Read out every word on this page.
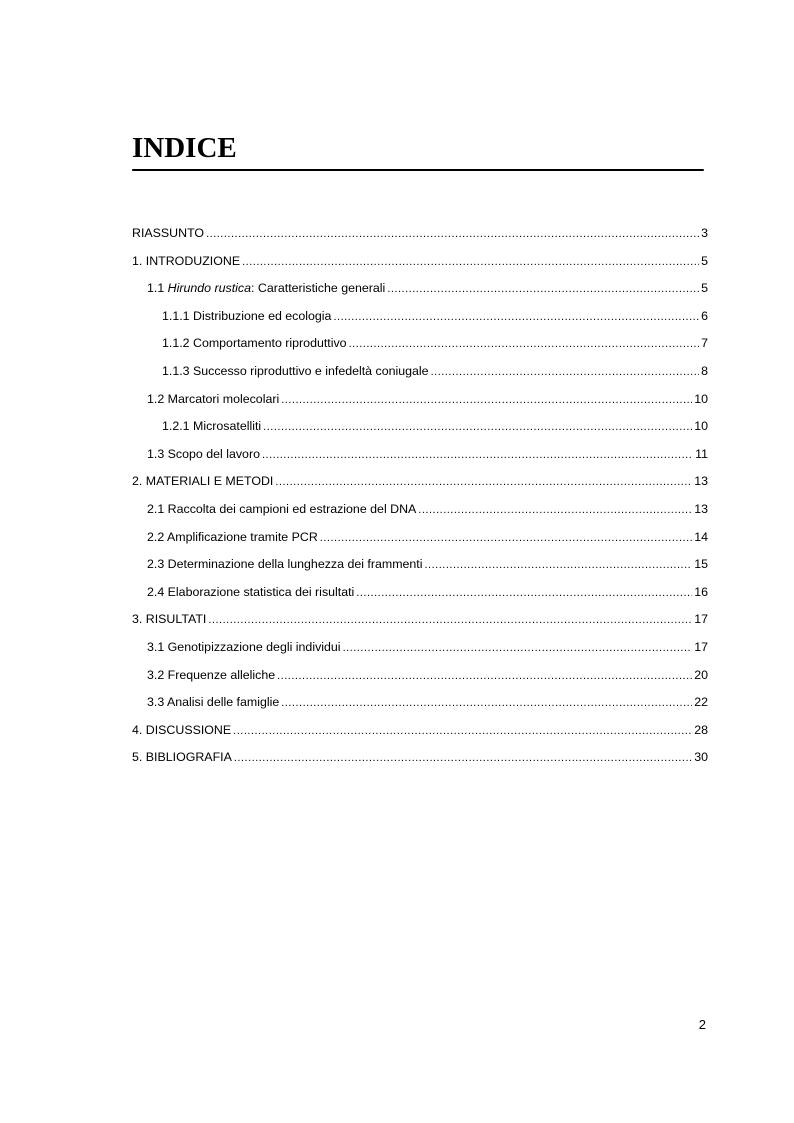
INDICE
RIASSUNTO .....	3
1. INTRODUZIONE .....	5
1.1 Hirundo rustica: Caratteristiche generali .....	5
1.1.1 Distribuzione ed ecologia .....	6
1.1.2 Comportamento riproduttivo .....	7
1.1.3 Successo riproduttivo e infedeltà coniugale .....	8
1.2 Marcatori molecolari .....	10
1.2.1 Microsatelliti .....	10
1.3 Scopo del lavoro .....	11
2. MATERIALI E METODI .....	13
2.1 Raccolta dei campioni ed estrazione del DNA .....	13
2.2 Amplificazione tramite PCR .....	14
2.3 Determinazione della lunghezza dei frammenti .....	15
2.4 Elaborazione statistica dei risultati .....	16
3. RISULTATI .....	17
3.1 Genotipizzazione degli individui .....	17
3.2 Frequenze alleliche .....	20
3.3 Analisi delle famiglie .....	22
4. DISCUSSIONE .....	28
5. BIBLIOGRAFIA .....	30
2
